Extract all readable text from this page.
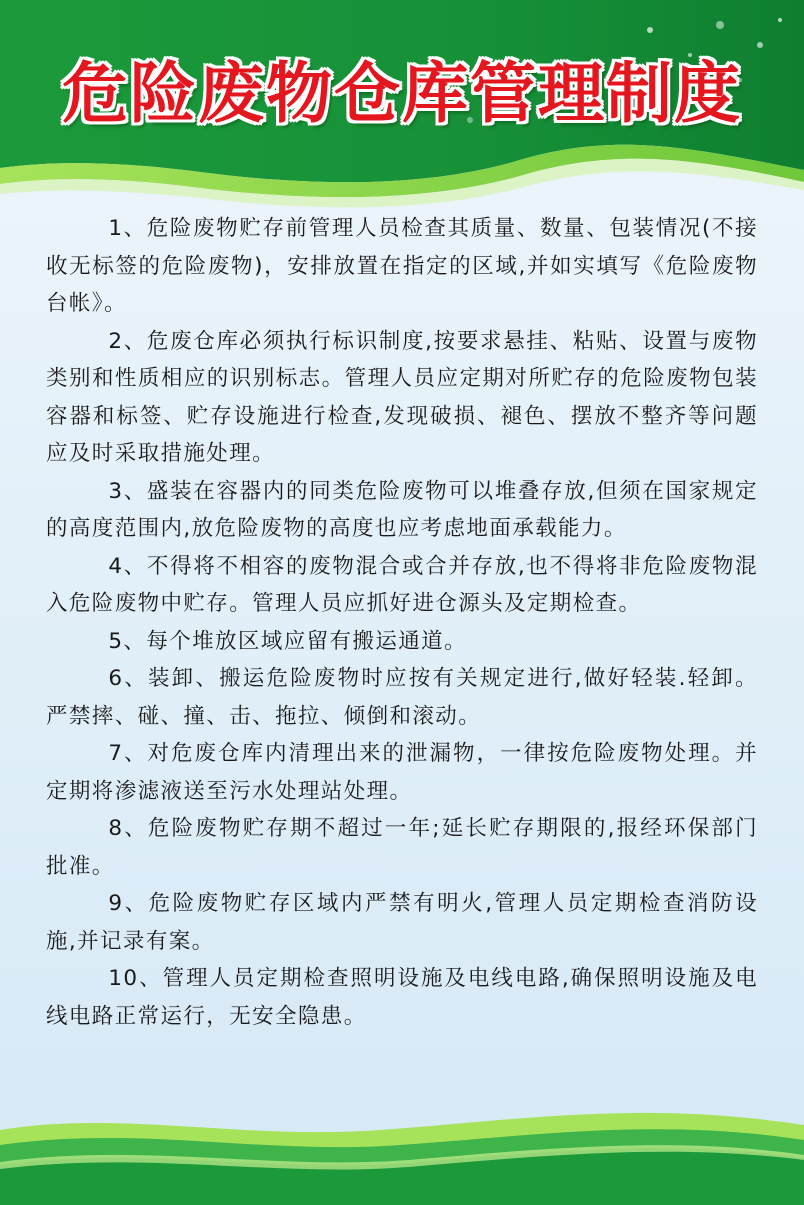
危险废物仓库管理制度

1、危险废物贮存前管理人员检查其质量、数量、包装情况(不接收无标签的危险废物)，安排放置在指定的区域,并如实填写《危险废物台帐》。

2、危废仓库必须执行标识制度,按要求悬挂、粘贴、设置与废物类别和性质相应的识别标志。管理人员应定期对所贮存的危险废物包装容器和标签、贮存设施进行检查,发现破损、褪色、摆放不整齐等问题应及时采取措施处理。

3、盛装在容器内的同类危险废物可以堆叠存放,但须在国家规定的高度范围内,放危险废物的高度也应考虑地面承载能力。

4、不得将不相容的废物混合或合并存放,也不得将非危险废物混入危险废物中贮存。管理人员应抓好进仓源头及定期检查。

5、每个堆放区域应留有搬运通道。

6、装卸、搬运危险废物时应按有关规定进行,做好轻装.轻卸。严禁摔、碰、撞、击、拖拉、倾倒和滚动。

7、对危废仓库内清理出来的泄漏物，一律按危险废物处理。并定期将渗滤液送至污水处理站处理。

8、危险废物贮存期不超过一年;延长贮存期限的,报经环保部门批准。

9、危险废物贮存区域内严禁有明火,管理人员定期检查消防设施,并记录有案。

10、管理人员定期检查照明设施及电线电路,确保照明设施及电线电路正常运行，无安全隐患。
